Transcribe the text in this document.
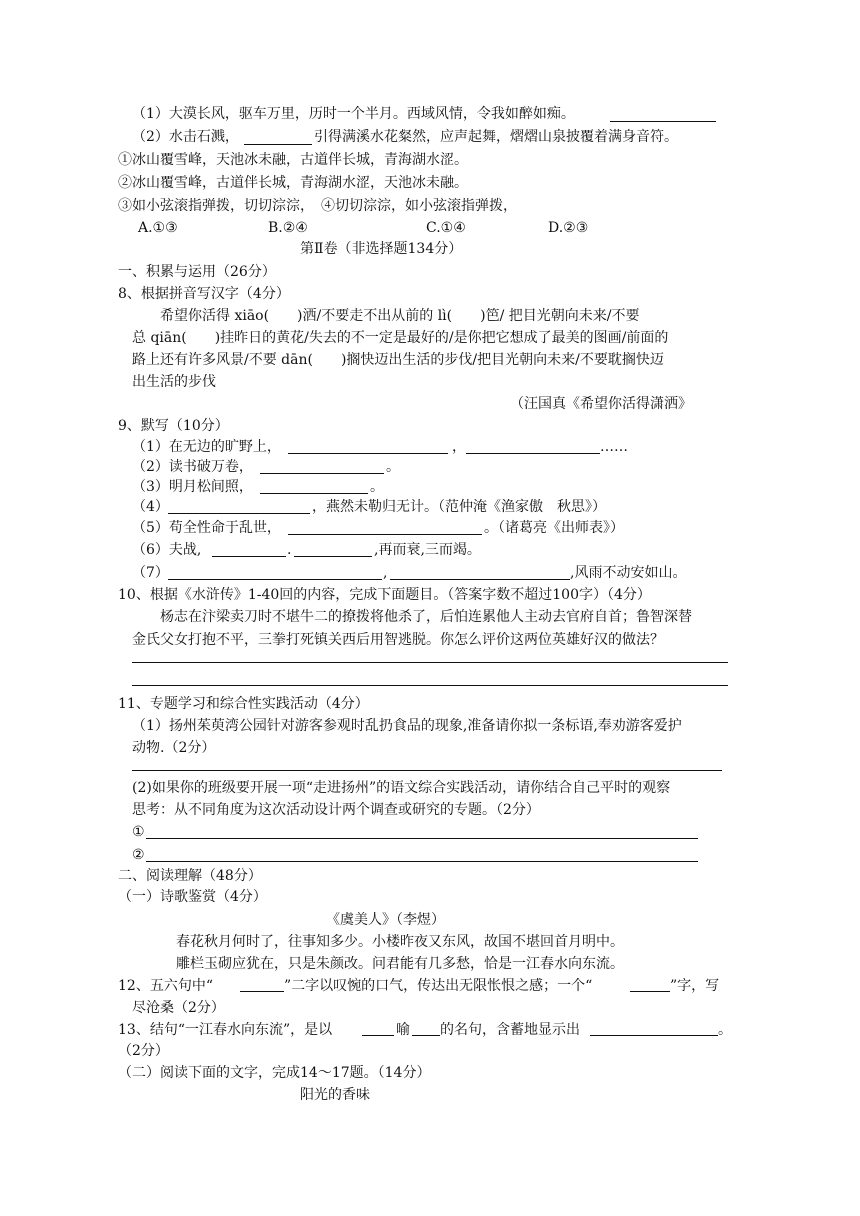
（1）大漠长风，驱车万里，历时一个半月。西域风情，令我如醉如痴。
（2）水击石溅，	引得满溪水花粲然，应声起舞，熠熠山泉披覆着满身音符。
①冰山覆雪峰，天池冰未融，古道伴长城，青海湖水涩。
②冰山覆雪峰，古道伴长城，青海湖水涩，天池冰未融。
③如小弦滚指弹拨，切切淙淙，　④切切淙淙，如小弦滚指弹拨，
A.①③	B.②④	C.①④	D.②③
第Ⅱ卷（非选择题134分）
一、积累与运用（26分）
8、根据拼音写汉字（4分）
希望你活得 xiāo(　　)洒/不要走不出从前的 lì(　　)笆/ 把目光朝向未来/不要
总 qiān(　　)挂昨日的黄花/失去的不一定是最好的/是你把它想成了最美的图画/前面的
路上还有许多风景/不要 dān(　　)搁快迈出生活的步伐/把目光朝向未来/不要耽搁快迈
出生活的步伐
（汪国真《希望你活得潇洒》
9、默写（10分）
（1）在无边的旷野上，	，	……
（2）读书破万卷，	。
（3）明月松间照，	。
（4）	，燕然未勒归无计。（范仲淹《渔家傲　秋思》）
（5）苟全性命于乱世，	。（诸葛亮《出师表》）
（6）夫战,	.	,再而衰,三而竭。
（7）	,	,风雨不动安如山。
10、根据《水浒传》1-40回的内容，完成下面题目。（答案字数不超过100字）（4分）
杨志在汴梁卖刀时不堪牛二的撩拨将他杀了，后怕连累他人主动去官府自首；鲁智深替
金氏父女打抱不平，三拳打死镇关西后用智逃脱。你怎么评价这两位英雄好汉的做法？
11、专题学习和综合性实践活动（4分）
（1）扬州茱萸湾公园针对游客参观时乱扔食品的现象,准备请你拟一条标语,奉劝游客爱护
动物.（2分）
(2)如果你的班级要开展一项“走进扬州”的语文综合实践活动，请你结合自己平时的观察
思考：从不同角度为这次活动设计两个调查或研究的专题。（2分）
①
②
二、阅读理解（48分）
（一）诗歌鉴赏（4分）
《虞美人》（李煜）
春花秋月何时了，往事知多少。小楼昨夜又东风，故国不堪回首月明中。
雕栏玉砌应犹在，只是朱颜改。问君能有几多愁，恰是一江春水向东流。
12、五六句中“	”二字以叹惋的口气，传达出无限怅恨之感；一个“	”字，写
尽沧桑（2分）
13、结句“一江春水向东流”，是以	喻 的名句，含蓄地显示出	。
（2分）
（二）阅读下面的文字，完成14～17题。（14分）
阳光的香味
